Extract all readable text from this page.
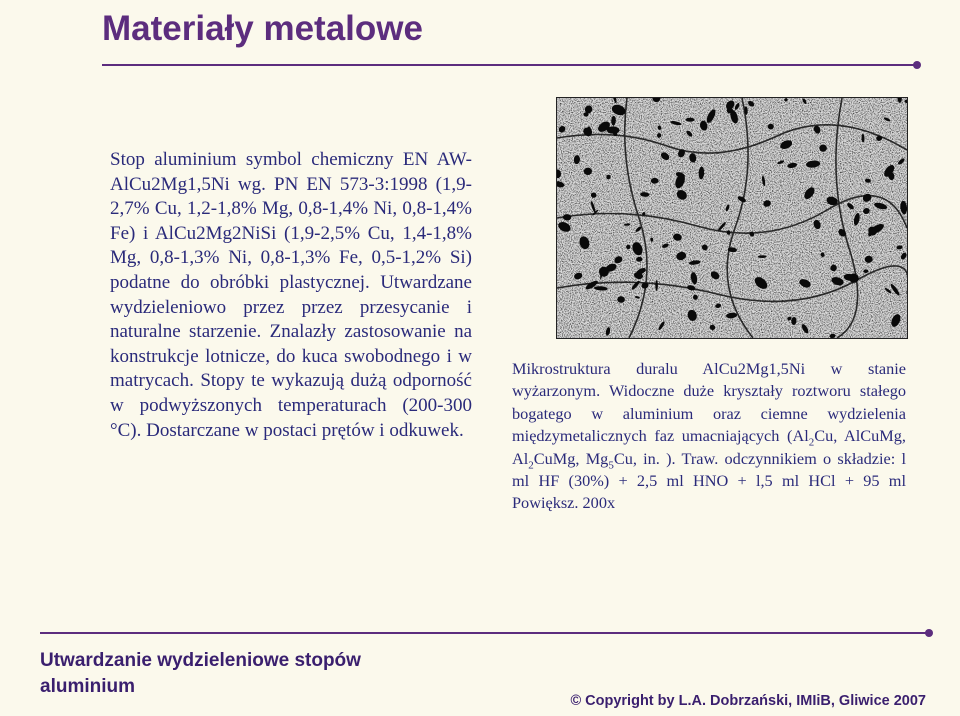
Materiały metalowe

Stop aluminium symbol chemiczny EN AW-AlCu2Mg1,5Ni wg. PN EN 573-3:1998 (1,9-2,7% Cu, 1,2-1,8% Mg, 0,8-1,4% Ni, 0,8-1,4% Fe) i AlCu2Mg2NiSi (1,9-2,5% Cu, 1,4-1,8% Mg, 0,8-1,3% Ni, 0,8-1,3% Fe, 0,5-1,2% Si) podatne do obróbki plastycznej. Utwardzane wydzieleniowo przez przez przesycanie i naturalne starzenie. Znalazły zastosowanie na konstrukcje lotnicze, do kuca swobodnego i w matrycach. Stopy te wykazują dużą odporność w podwyższonych temperaturach (200-300 °C). Dostarczane w postaci prętów i odkuwek.

Mikrostruktura duralu AlCu2Mg1,5Ni w stanie wyżarzonym. Widoczne duże kryształy roztworu stałego bogatego w aluminium oraz ciemne wydzielenia międzymetalicznych faz umacniających ($Al_2Cu$, AlCuMg, $Al_2CuMg$, $Mg_5Cu$, in. ). Traw. odczynnikiem o składzie: l ml HF (30%) + 2,5 ml HNO + l,5 ml HCl + 95 ml Powiększ. 200x

Utwardzanie wydzieleniowe stopów aluminium

© Copyright by L.A. Dobrzański, IMIiB, Gliwice 2007
